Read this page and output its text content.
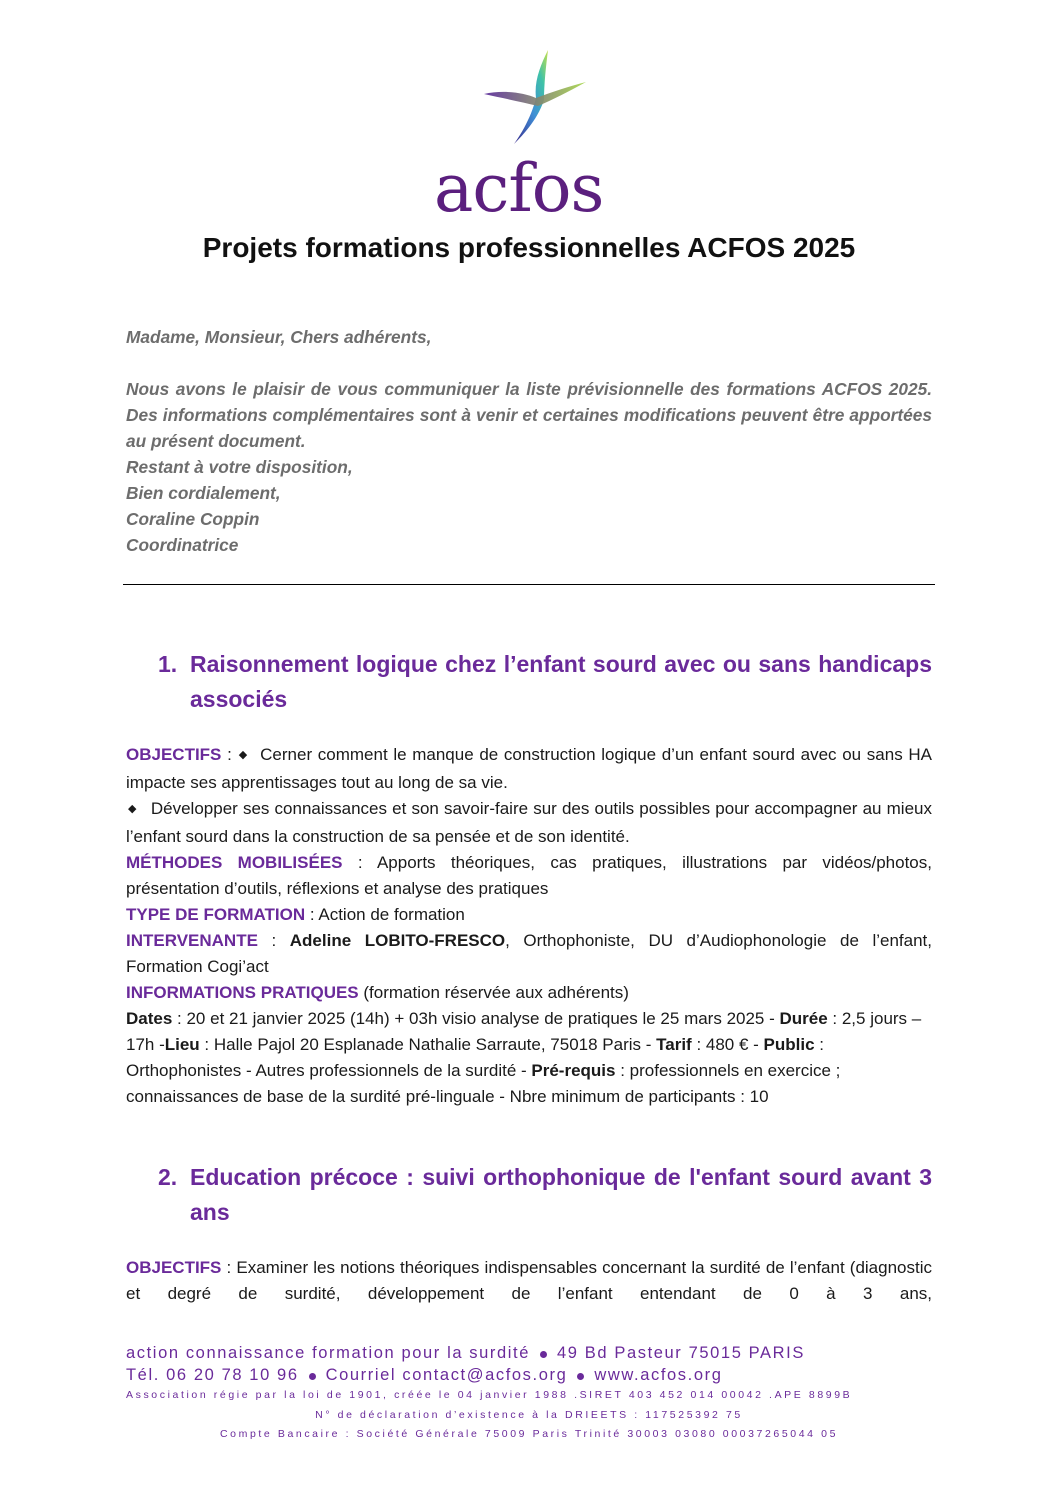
acfos
Projets formations professionnelles ACFOS 2025

Madame, Monsieur, Chers adhérents,

Nous avons le plaisir de vous communiquer la liste prévisionnelle des formations ACFOS 2025. Des informations complémentaires sont à venir et certaines modifications peuvent être apportées au présent document.

Restant à votre disposition,

Bien cordialement,

Coraline Coppin

Coordinatrice

1. Raisonnement logique chez l’enfant sourd avec ou sans handicaps associés

OBJECTIFS : ◆ Cerner comment le manque de construction logique d’un enfant sourd avec ou sans HA impacte ses apprentissages tout au long de sa vie.

◆ Développer ses connaissances et son savoir-faire sur des outils possibles pour accompagner au mieux l’enfant sourd dans la construction de sa pensée et de son identité.

MÉTHODES MOBILISÉES : Apports théoriques, cas pratiques, illustrations par vidéos/photos, présentation d’outils, réflexions et analyse des pratiques

TYPE DE FORMATION : Action de formation

INTERVENANTE : Adeline LOBITO-FRESCO, Orthophoniste, DU d’Audiophonologie de l’enfant, Formation Cogi’act

INFORMATIONS PRATIQUES (formation réservée aux adhérents)

Dates : 20 et 21 janvier 2025 (14h) + 03h visio analyse de pratiques le 25 mars 2025 - Durée : 2,5 jours – 17h -Lieu : Halle Pajol 20 Esplanade Nathalie Sarraute, 75018 Paris - Tarif : 480 € - Public : Orthophonistes - Autres professionnels de la surdité - Pré-requis : professionnels en exercice ; connaissances de base de la surdité pré-linguale - Nbre minimum de participants : 10

2. Education précoce : suivi orthophonique de l'enfant sourd avant 3 ans

OBJECTIFS : Examiner les notions théoriques indispensables concernant la surdité de l’enfant (diagnostic et degré de surdité, développement de l’enfant entendant de 0 à 3 ans,

action connaissance formation pour la surdité 49 Bd Pasteur 75015 PARIS
Tél. 06 20 78 10 96 Courriel contact@acfos.org www.acfos.org
Association régie par la loi de 1901, créée le 04 janvier 1988 .SIRET 403 452 014 00042 .APE 8899B
N° de déclaration d’existence à la DRIEETS : 117525392 75
Compte Bancaire : Société Générale 75009 Paris Trinité 30003 03080 00037265044 05
